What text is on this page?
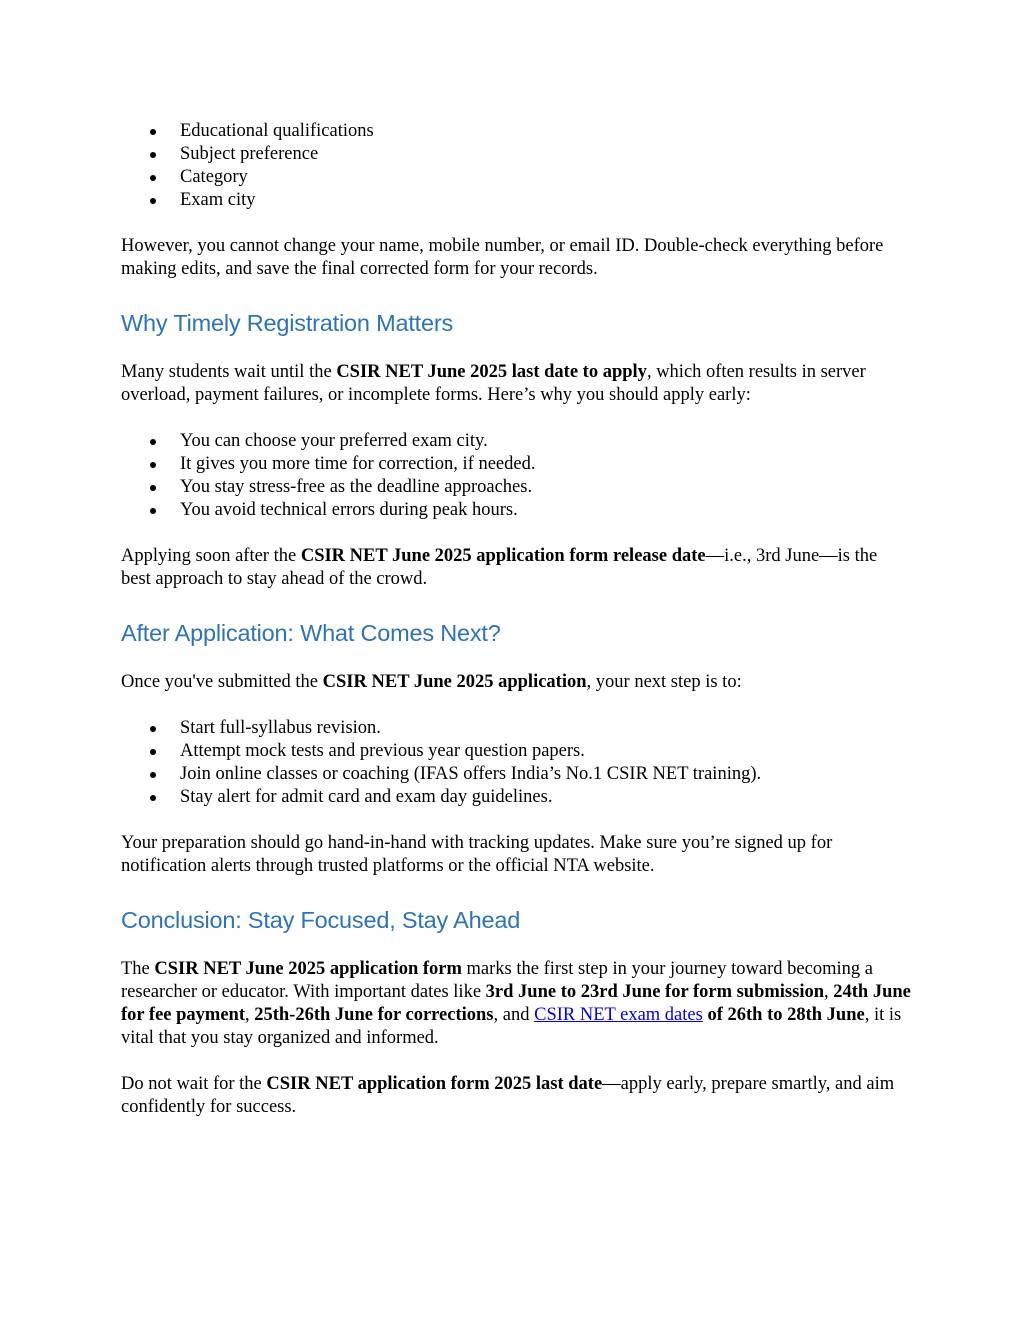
Educational qualifications
Subject preference
Category
Exam city

However, you cannot change your name, mobile number, or email ID. Double-check everything before making edits, and save the final corrected form for your records.

Why Timely Registration Matters

Many students wait until the CSIR NET June 2025 last date to apply, which often results in server overload, payment failures, or incomplete forms. Here’s why you should apply early:

You can choose your preferred exam city.
It gives you more time for correction, if needed.
You stay stress-free as the deadline approaches.
You avoid technical errors during peak hours.

Applying soon after the CSIR NET June 2025 application form release date—i.e., 3rd June—is the best approach to stay ahead of the crowd.

After Application: What Comes Next?

Once you've submitted the CSIR NET June 2025 application, your next step is to:

Start full-syllabus revision.
Attempt mock tests and previous year question papers.
Join online classes or coaching (IFAS offers India’s No.1 CSIR NET training).
Stay alert for admit card and exam day guidelines.

Your preparation should go hand-in-hand with tracking updates. Make sure you’re signed up for notification alerts through trusted platforms or the official NTA website.

Conclusion: Stay Focused, Stay Ahead

The CSIR NET June 2025 application form marks the first step in your journey toward becoming a researcher or educator. With important dates like 3rd June to 23rd June for form submission, 24th June for fee payment, 25th-26th June for corrections, and CSIR NET exam dates of 26th to 28th June, it is vital that you stay organized and informed.

Do not wait for the CSIR NET application form 2025 last date—apply early, prepare smartly, and aim confidently for success.
